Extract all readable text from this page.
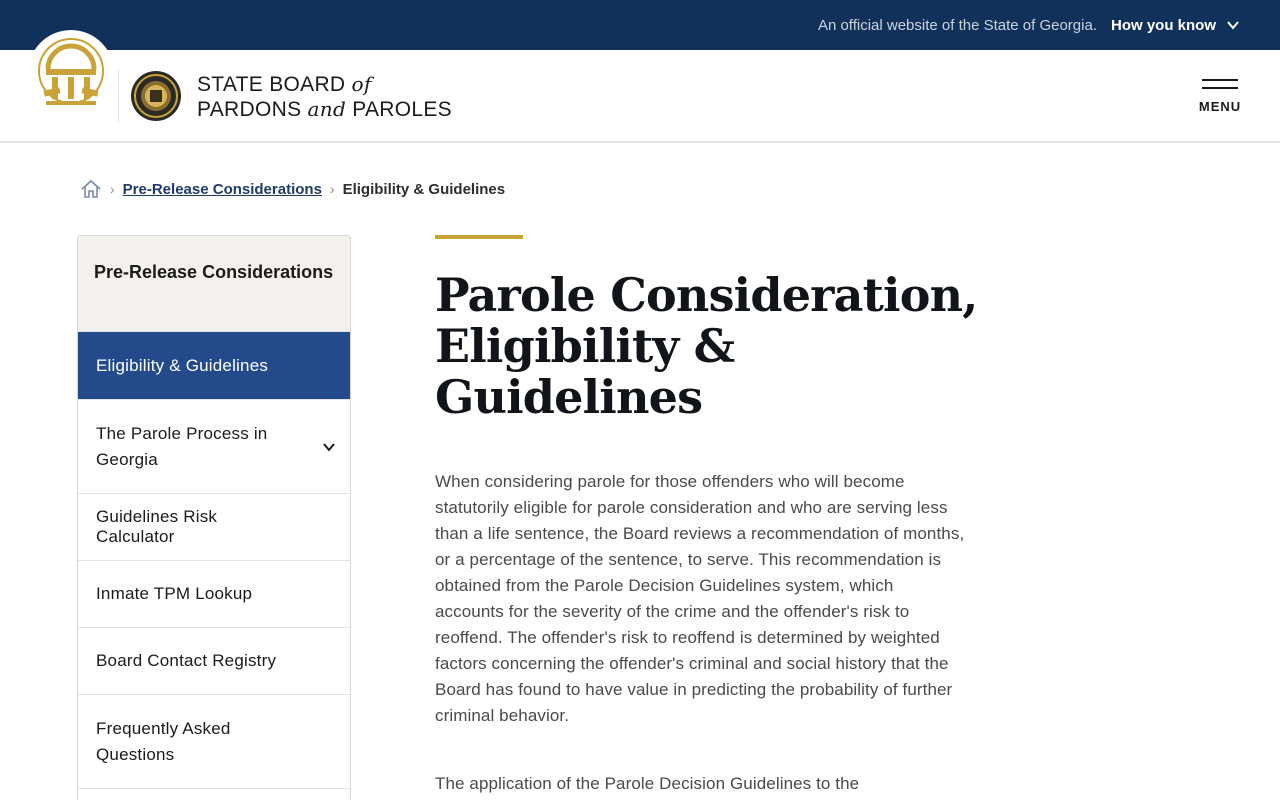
An official website of the State of Georgia. How you know
STATE BOARD of
PARDONS and PAROLES	MENU
› Pre-Release Considerations › Eligibility & Guidelines
Pre-Release Considerations
Eligibility & Guidelines
The Parole Process in Georgia
Guidelines Risk Calculator
Inmate TPM Lookup
Board Contact Registry
Frequently Asked Questions
Parole Consideration, Eligibility & Guidelines

When considering parole for those offenders who will become statutorily eligible for parole consideration and who are serving less than a life sentence, the Board reviews a recommendation of months, or a percentage of the sentence, to serve. This recommendation is obtained from the Parole Decision Guidelines system, which accounts for the severity of the crime and the offender's risk to reoffend. The offender's risk to reoffend is determined by weighted factors concerning the offender's criminal and social history that the Board has found to have value in predicting the probability of further criminal behavior.

The application of the Parole Decision Guidelines to the
